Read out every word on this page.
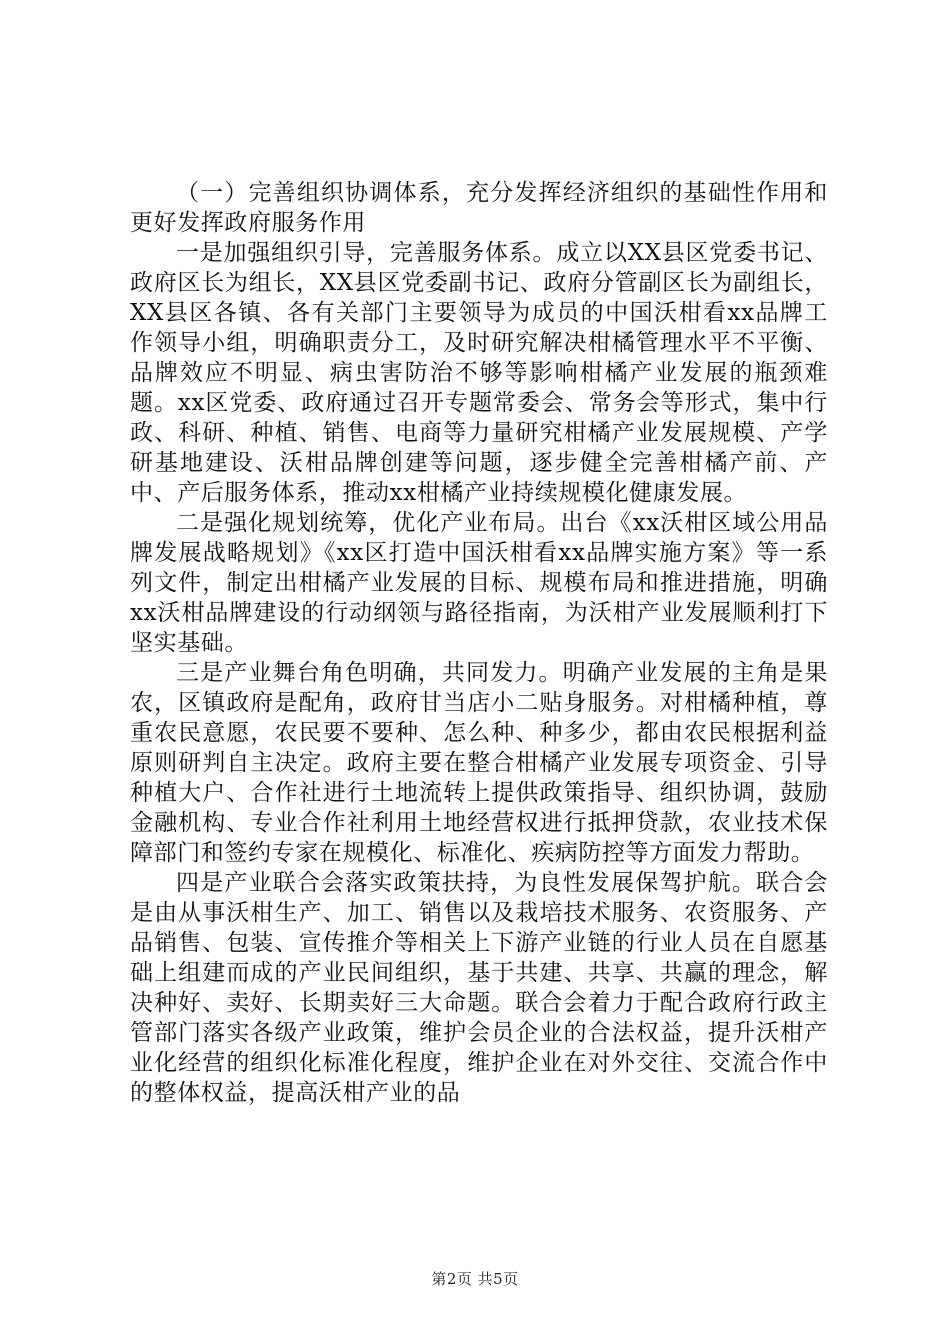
（一）完善组织协调体系，充分发挥经济组织的基础性作用和更好发挥政府服务作用

一是加强组织引导，完善服务体系。成立以XX县区党委书记、政府区长为组长，XX县区党委副书记、政府分管副区长为副组长，XX县区各镇、各有关部门主要领导为成员的中国沃柑看xx品牌工作领导小组，明确职责分工，及时研究解决柑橘管理水平不平衡、品牌效应不明显、病虫害防治不够等影响柑橘产业发展的瓶颈难题。xx区党委、政府通过召开专题常委会、常务会等形式，集中行政、科研、种植、销售、电商等力量研究柑橘产业发展规模、产学研基地建设、沃柑品牌创建等问题，逐步健全完善柑橘产前、产中、产后服务体系，推动xx柑橘产业持续规模化健康发展。

二是强化规划统筹，优化产业布局。出台《xx沃柑区域公用品牌发展战略规划》《xx区打造中国沃柑看xx品牌实施方案》等一系列文件，制定出柑橘产业发展的目标、规模布局和推进措施，明确xx沃柑品牌建设的行动纲领与路径指南，为沃柑产业发展顺利打下坚实基础。

三是产业舞台角色明确，共同发力。明确产业发展的主角是果农，区镇政府是配角，政府甘当店小二贴身服务。对柑橘种植，尊重农民意愿，农民要不要种、怎么种、种多少，都由农民根据利益原则研判自主决定。政府主要在整合柑橘产业发展专项资金、引导种植大户、合作社进行土地流转上提供政策指导、组织协调，鼓励金融机构、专业合作社利用土地经营权进行抵押贷款，农业技术保障部门和签约专家在规模化、标准化、疾病防控等方面发力帮助。

四是产业联合会落实政策扶持，为良性发展保驾护航。联合会是由从事沃柑生产、加工、销售以及栽培技术服务、农资服务、产品销售、包装、宣传推介等相关上下游产业链的行业人员在自愿基础上组建而成的产业民间组织，基于共建、共享、共赢的理念，解决种好、卖好、长期卖好三大命题。联合会着力于配合政府行政主管部门落实各级产业政策，维护会员企业的合法权益，提升沃柑产业化经营的组织化标准化程度，维护企业在对外交往、交流合作中的整体权益，提高沃柑产业的品

第2页 共5页
